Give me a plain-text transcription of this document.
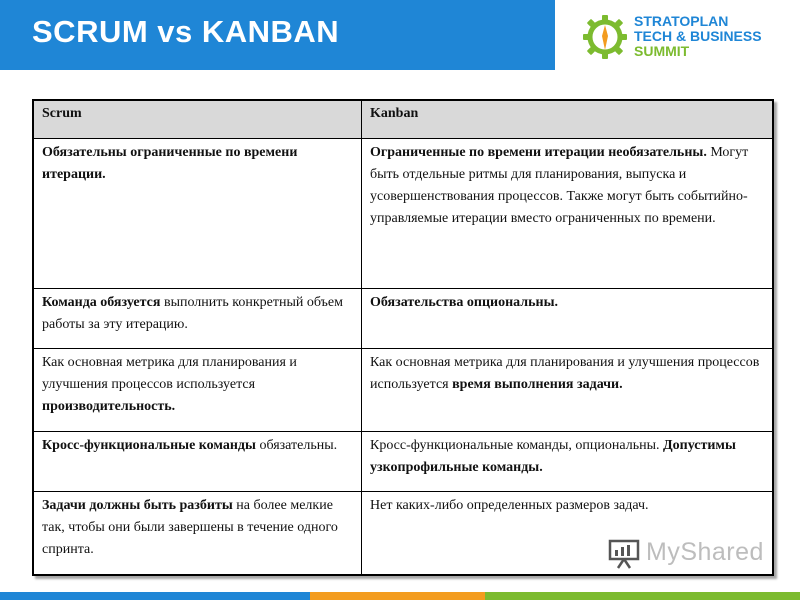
SCRUM vs KANBAN	STRATOPLAN
TECH & BUSINESS
SUMMIT
Scrum	Kanban
Обязательны ограниченные по времени итерации.	Ограниченные по времени итерации необязательны. Могут быть отдельные ритмы для планирования, выпуска и усовершенствования процессов. Также могут быть событийно-управляемые итерации вместо ограниченных по времени.
Команда обязуется выполнить конкретный объем работы за эту итерацию.	Обязательства опциональны.
Как основная метрика для планирования и улучшения процессов используется производительность.	Как основная метрика для планирования и улучшения процессов используется время выполнения задачи.
Кросс-функциональные команды обязательны.	Кросс-функциональные команды, опциональны. Допустимы узкопрофильные команды.
Задачи должны быть разбиты на более мелкие так, чтобы они были завершены в течение одного спринта.	Нет каких-либо определенных размеров задач.
MyShared
